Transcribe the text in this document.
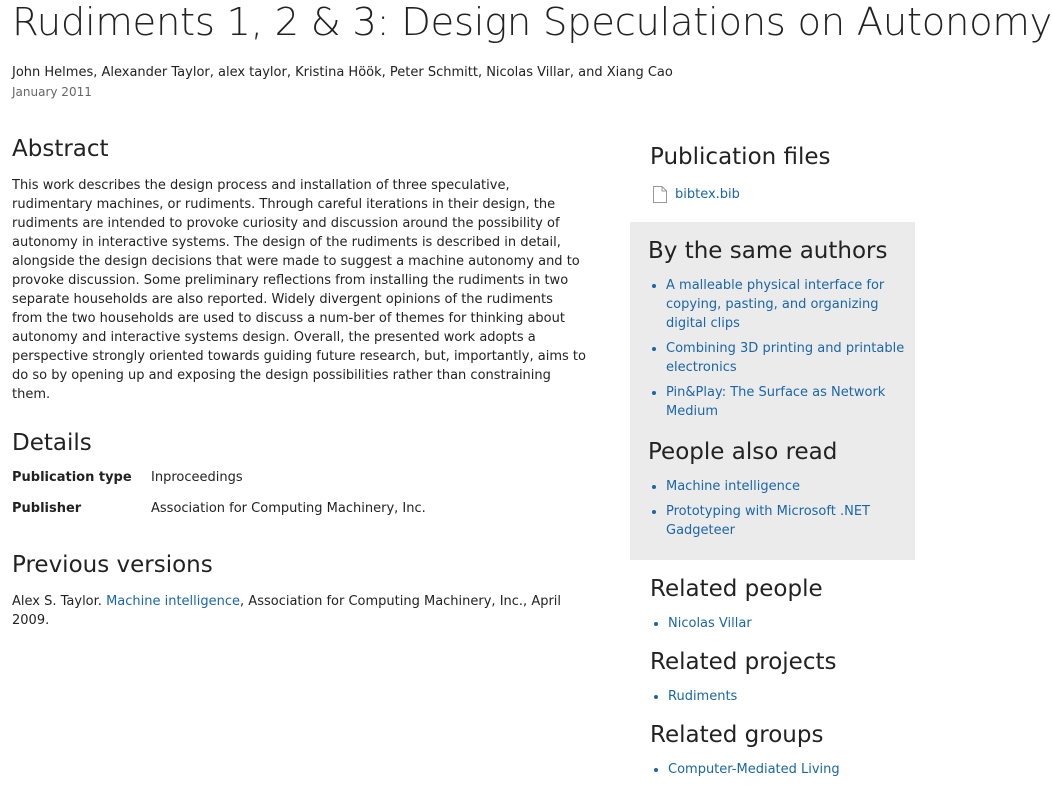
Rudiments 1, 2 & 3: Design Speculations on Autonomy
John Helmes, Alexander Taylor, alex taylor, Kristina Höök, Peter Schmitt, Nicolas Villar, and Xiang Cao
January 2011
Abstract

This work describes the design process and installation of three speculative, rudimentary machines, or rudiments. Through careful iterations in their design, the rudiments are intended to provoke curiosity and discussion around the possibility of autonomy in interactive systems. The design of the rudiments is described in detail, alongside the design decisions that were made to suggest a machine autonomy and to provoke discussion. Some preliminary reflections from installing the rudiments in two separate households are also reported. Widely divergent opinions of the rudiments from the two households are used to discuss a num-ber of themes for thinking about autonomy and interactive systems design. Overall, the presented work adopts a perspective strongly oriented towards guiding future research, but, importantly, aims to do so by opening up and exposing the design possibilities rather than constraining them.

Details
Publication type	Inproceedings
Publisher	Association for Computing Machinery, Inc.
Previous versions

Alex S. Taylor. Machine intelligence, Association for Computing Machinery, Inc., April 2009.

Publication files
bibtex.bib
By the same authors
A malleable physical interface for copying, pasting, and organizing digital clips
Combining 3D printing and printable electronics
Pin&Play: The Surface as Network Medium
People also read
Machine intelligence
Prototyping with Microsoft .NET Gadgeteer
Related people
Nicolas Villar
Related projects
Rudiments
Related groups
Computer-Mediated Living
